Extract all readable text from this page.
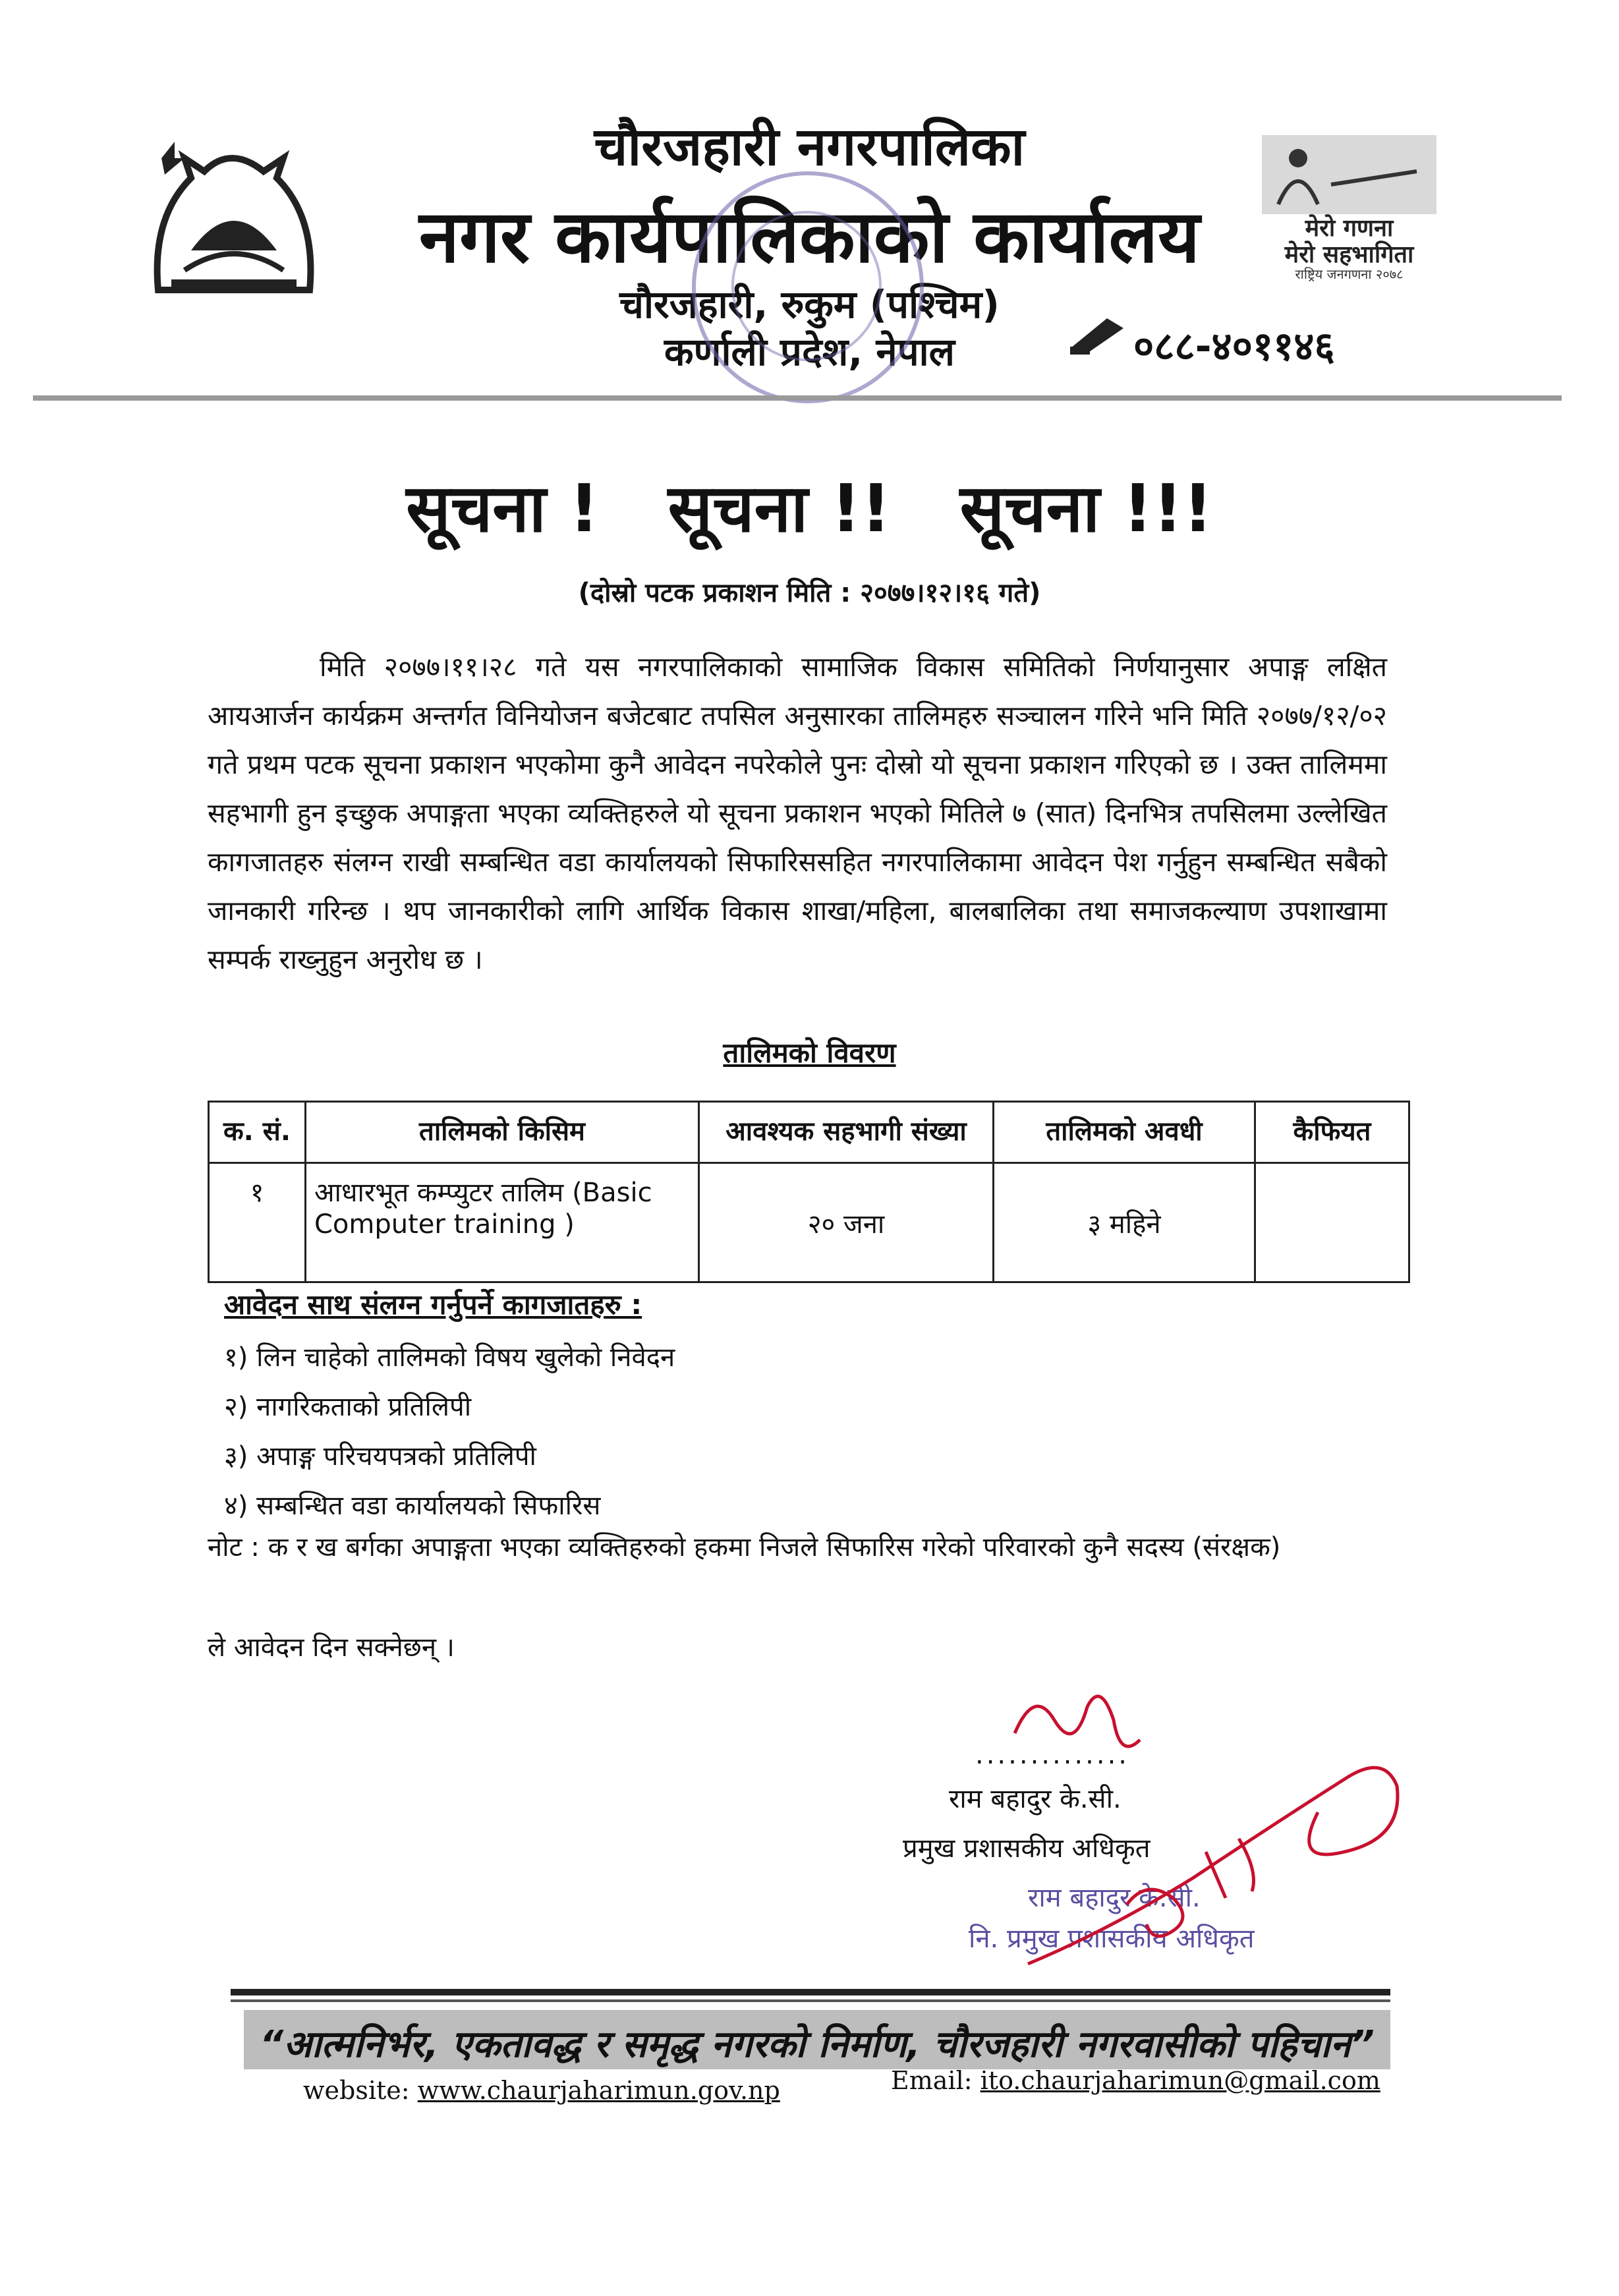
चौरजहारी नगरपालिका
नगर कार्यपालिकाको कार्यालय
चौरजहारी, रुकुम (पश्चिम)
कर्णाली प्रदेश, नेपाल	०८८-४०११४६
मेरो गणना
मेरो सहभागिता
राष्ट्रिय जनगणना २०७८
सूचना !   सूचना !!   सूचना !!!
(दोस्रो पटक प्रकाशन मिति : २०७७।१२।१६ गते)
मिति २०७७।११।२८ गते यस नगरपालिकाको सामाजिक विकास समितिको निर्णयानुसार अपाङ्ग लक्षित आयआर्जन कार्यक्रम अन्तर्गत विनियोजन बजेटबाट तपसिल अनुसारका तालिमहरु सञ्चालन गरिने भनि मिति २०७७/१२/०२ गते प्रथम पटक सूचना प्रकाशन भएकोमा कुनै आवेदन नपरेकोले पुनः दोस्रो यो सूचना प्रकाशन गरिएको छ । उक्त तालिममा सहभागी हुन इच्छुक अपाङ्गता भएका व्यक्तिहरुले यो सूचना प्रकाशन भएको मितिले ७ (सात) दिनभित्र तपसिलमा उल्लेखित कागजातहरु संलग्न राखी सम्बन्धित वडा कार्यालयको सिफारिससहित नगरपालिकामा आवेदन पेश गर्नुहुन सम्बन्धित सबैको जानकारी गरिन्छ । थप जानकारीको लागि आर्थिक विकास शाखा/महिला, बालबालिका तथा समाजकल्याण उपशाखामा सम्पर्क राख्नुहुन अनुरोध छ ।
तालिमको विवरण
क. सं.	तालिमको किसिम	आवश्यक सहभागी संख्या	तालिमको अवधी	कैफियत
१	आधारभूत कम्प्युटर तालिम (Basic Computer training )	२० जना	३ महिने	
आवेदन साथ संलग्न गर्नुपर्ने कागजातहरु :
१) लिन चाहेको तालिमको विषय खुलेको निवेदन
२) नागरिकताको प्रतिलिपी
३) अपाङ्ग परिचयपत्रको प्रतिलिपी
४) सम्बन्धित वडा कार्यालयको सिफारिस
नोट : क र ख बर्गका अपाङ्गता भएका व्यक्तिहरुको हकमा निजले सिफारिस गरेको परिवारको कुनै सदस्य (संरक्षक)
ले आवेदन दिन सक्नेछन् ।
..............
राम बहादुर के.सी.
प्रमुख प्रशासकीय अधिकृत
राम बहादुर के.सी.
नि. प्रमुख प्रशासकीय अधिकृत
“आत्मनिर्भर, एकतावद्ध र समृद्ध नगरको निर्माण, चौरजहारी नगरवासीको पहिचान”
website: www.chaurjaharimun.gov.np	Email: ito.chaurjaharimun@gmail.com
